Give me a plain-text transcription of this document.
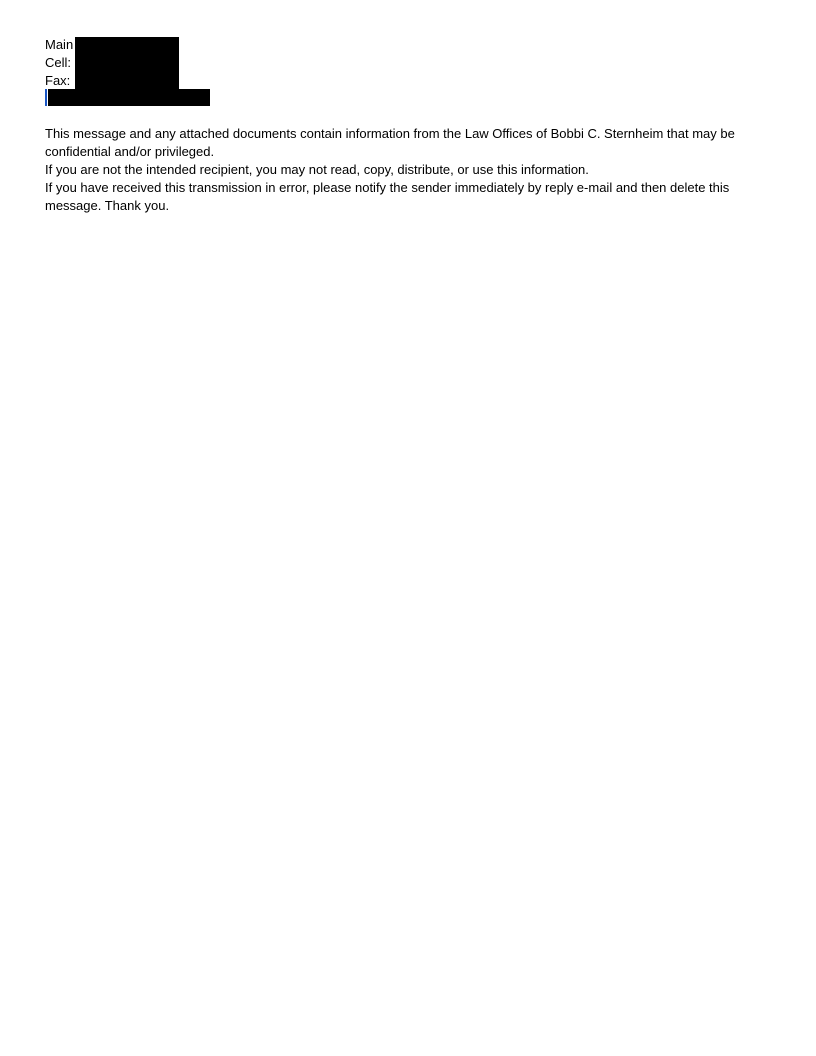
Main
Cell:
Fax:

This message and any attached documents contain information from the Law Offices of Bobbi C. Sternheim that may be confidential and/or privileged.

If you are not the intended recipient, you may not read, copy, distribute, or use this information.

If you have received this transmission in error, please notify the sender immediately by reply e-mail and then delete this message. Thank you.
